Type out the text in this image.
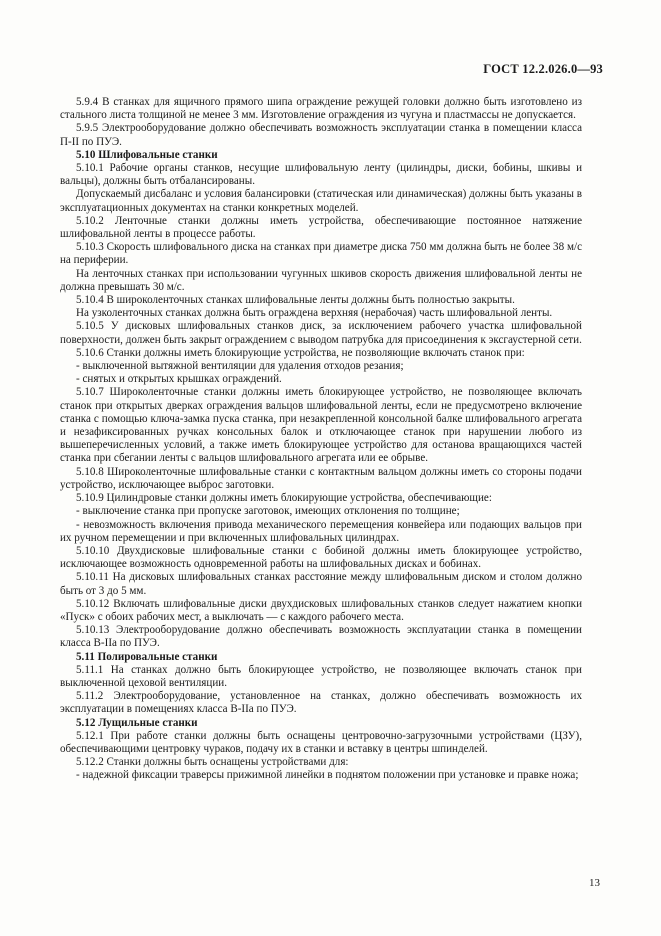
ГОСТ 12.2.026.0—93

5.9.4 В станках для ящичного прямого шипа ограждение режущей головки должно быть изготовлено из стального листа толщиной не менее 3 мм. Изготовление ограждения из чугуна и пластмассы не допускается.

5.9.5 Электрооборудование должно обеспечивать возможность эксплуатации станка в помещении класса П-II по ПУЭ.

5.10 Шлифовальные станки

5.10.1 Рабочие органы станков, несущие шлифовальную ленту (цилиндры, диски, бобины, шкивы и вальцы), должны быть отбалансированы.

Допускаемый дисбаланс и условия балансировки (статическая или динамическая) должны быть указаны в эксплуатационных документах на станки конкретных моделей.

5.10.2 Ленточные станки должны иметь устройства, обеспечивающие постоянное натяжение шлифовальной ленты в процессе работы.

5.10.3 Скорость шлифовального диска на станках при диаметре диска 750 мм должна быть не более 38 м/с на периферии.

На ленточных станках при использовании чугунных шкивов скорость движения шлифовальной ленты не должна превышать 30 м/с.

5.10.4 В широколенточных станках шлифовальные ленты должны быть полностью закрыты.

На узколенточных станках должна быть ограждена верхняя (нерабочая) часть шлифовальной ленты.

5.10.5 У дисковых шлифовальных станков диск, за исключением рабочего участка шлифовальной поверхности, должен быть закрыт ограждением с выводом патрубка для присоединения к эксгаустерной сети.

5.10.6 Станки должны иметь блокирующие устройства, не позволяющие включать станок при:

- выключенной вытяжной вентиляции для удаления отходов резания;

- снятых и открытых крышках ограждений.

5.10.7 Широколенточные станки должны иметь блокирующее устройство, не позволяющее включать станок при открытых дверках ограждения вальцов шлифовальной ленты, если не предусмотрено включение станка с помощью ключа-замка пуска станка, при незакрепленной консольной балке шлифовального агрегата и незафиксированных ручках консольных балок и отключающее станок при нарушении любого из вышеперечисленных условий, а также иметь блокирующее устройство для останова вращающихся частей станка при сбегании ленты с вальцов шлифовального агрегата или ее обрыве.

5.10.8 Широколенточные шлифовальные станки с контактным вальцом должны иметь со стороны подачи устройство, исключающее выброс заготовки.

5.10.9 Цилиндровые станки должны иметь блокирующие устройства, обеспечивающие:

- выключение станка при пропуске заготовок, имеющих отклонения по толщине;

- невозможность включения привода механического перемещения конвейера или подающих вальцов при их ручном перемещении и при включенных шлифовальных цилиндрах.

5.10.10 Двухдисковые шлифовальные станки с бобиной должны иметь блокирующее устройство, исключающее возможность одновременной работы на шлифовальных дисках и бобинах.

5.10.11 На дисковых шлифовальных станках расстояние между шлифовальным диском и столом должно быть от 3 до 5 мм.

5.10.12 Включать шлифовальные диски двухдисковых шлифовальных станков следует нажатием кнопки «Пуск» с обоих рабочих мест, а выключать — с каждого рабочего места.

5.10.13 Электрооборудование должно обеспечивать возможность эксплуатации станка в помещении класса В-IIа по ПУЭ.

5.11 Полировальные станки

5.11.1 На станках должно быть блокирующее устройство, не позволяющее включать станок при выключенной цеховой вентиляции.

5.11.2 Электрооборудование, установленное на станках, должно обеспечивать возможность их эксплуатации в помещениях класса В-IIа по ПУЭ.

5.12 Лущильные станки

5.12.1 При работе станки должны быть оснащены центровочно-загрузочными устройствами (ЦЗУ), обеспечивающими центровку чураков, подачу их в станки и вставку в центры шпинделей.

5.12.2 Станки должны быть оснащены устройствами для:

- надежной фиксации траверсы прижимной линейки в поднятом положении при установке и правке ножа;

13
